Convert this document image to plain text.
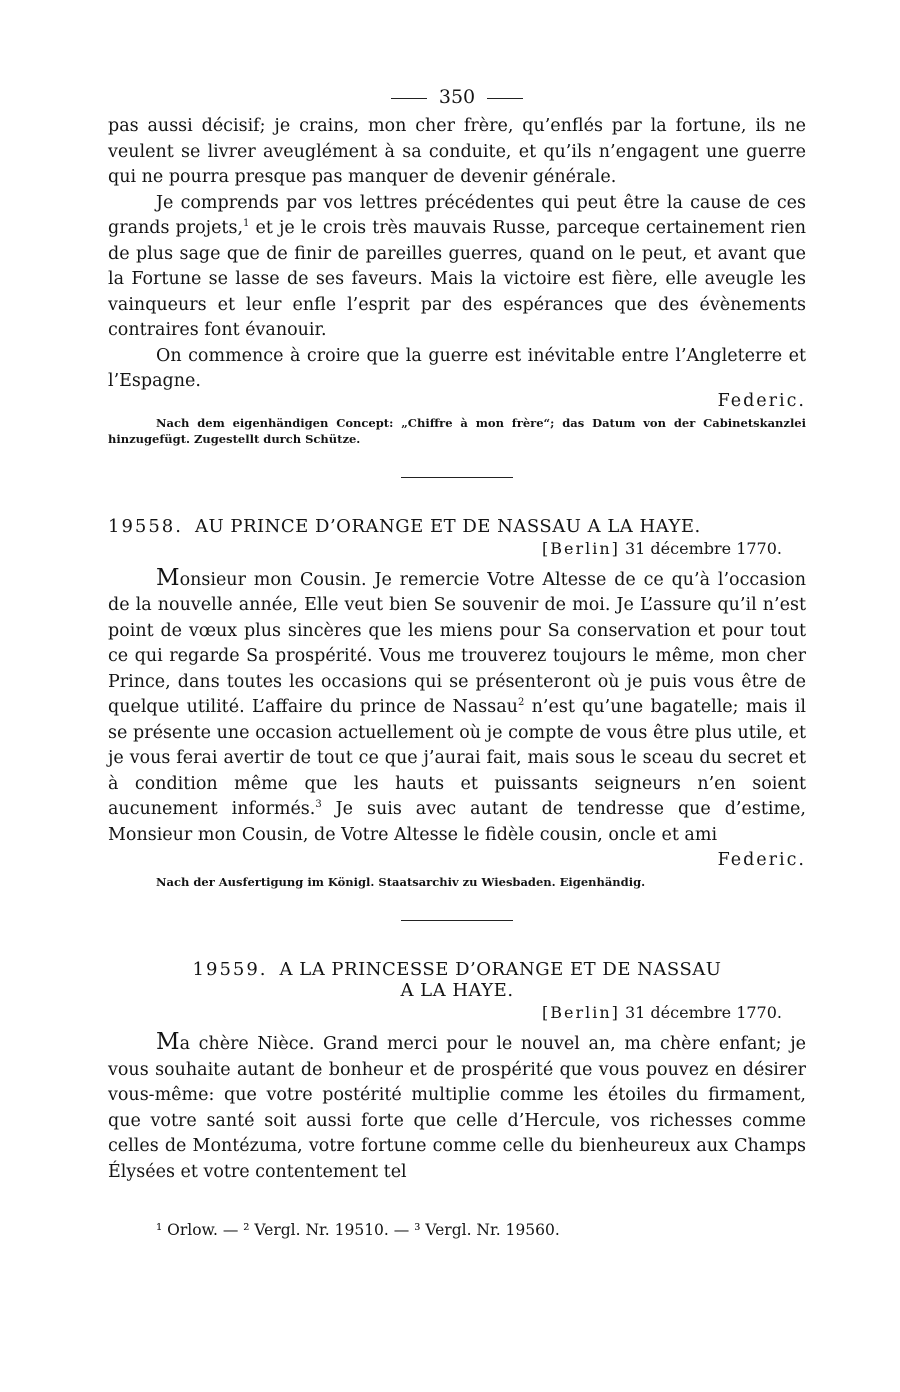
350

pas aussi décisif; je crains, mon cher frère, qu’enflés par la fortune, ils ne veulent se livrer aveuglément à sa conduite, et qu’ils n’engagent une guerre qui ne pourra presque pas manquer de devenir générale.

Je comprends par vos lettres précédentes qui peut être la cause de ces grands projets,$^1$ et je le crois très mauvais Russe, parceque certainement rien de plus sage que de finir de pareilles guerres, quand on le peut, et avant que la Fortune se lasse de ses faveurs. Mais la victoire est fière, elle aveugle les vainqueurs et leur enfle l’esprit par des espérances que des évènements contraires font évanouir.

On commence à croire que la guerre est inévitable entre l’Angleterre et l’Espagne.

Federic.
Nach dem eigenhändigen Concept: „Chiffre à mon frère“; das Datum von der Cabinetskanzlei hinzugefügt. Zugestellt durch Schütze.
19558. AU PRINCE D’ORANGE ET DE NASSAU A LA HAYE.
[Berlin] 31 décembre 1770.

Monsieur mon Cousin. Je remercie Votre Altesse de ce qu’à l’occasion de la nouvelle année, Elle veut bien Se souvenir de moi. Je L’assure qu’il n’est point de vœux plus sincères que les miens pour Sa conservation et pour tout ce qui regarde Sa prospérité. Vous me trouverez toujours le même, mon cher Prince, dans toutes les occasions qui se présenteront où je puis vous être de quelque utilité. L’affaire du prince de Nassau$^2$ n’est qu’une bagatelle; mais il se présente une occasion actuellement où je compte de vous être plus utile, et je vous ferai avertir de tout ce que j’aurai fait, mais sous le sceau du secret et à condition même que les hauts et puissants seigneurs n’en soient aucunement informés.$^3$ Je suis avec autant de tendresse que d’estime, Monsieur mon Cousin, de Votre Altesse le fidèle cousin, oncle et ami

Federic.
Nach der Ausfertigung im Königl. Staatsarchiv zu Wiesbaden. Eigenhändig.
19559. A LA PRINCESSE D’ORANGE ET DE NASSAU
A LA HAYE.
[Berlin] 31 décembre 1770.

Ma chère Nièce. Grand merci pour le nouvel an, ma chère enfant; je vous souhaite autant de bonheur et de prospérité que vous pouvez en désirer vous-même: que votre postérité multiplie comme les étoiles du firmament, que votre santé soit aussi forte que celle d’Hercule, vos richesses comme celles de Montézuma, votre fortune comme celle du bienheureux aux Champs Élysées et votre contentement tel

¹ Orlow. — ² Vergl. Nr. 19510. — ³ Vergl. Nr. 19560.
